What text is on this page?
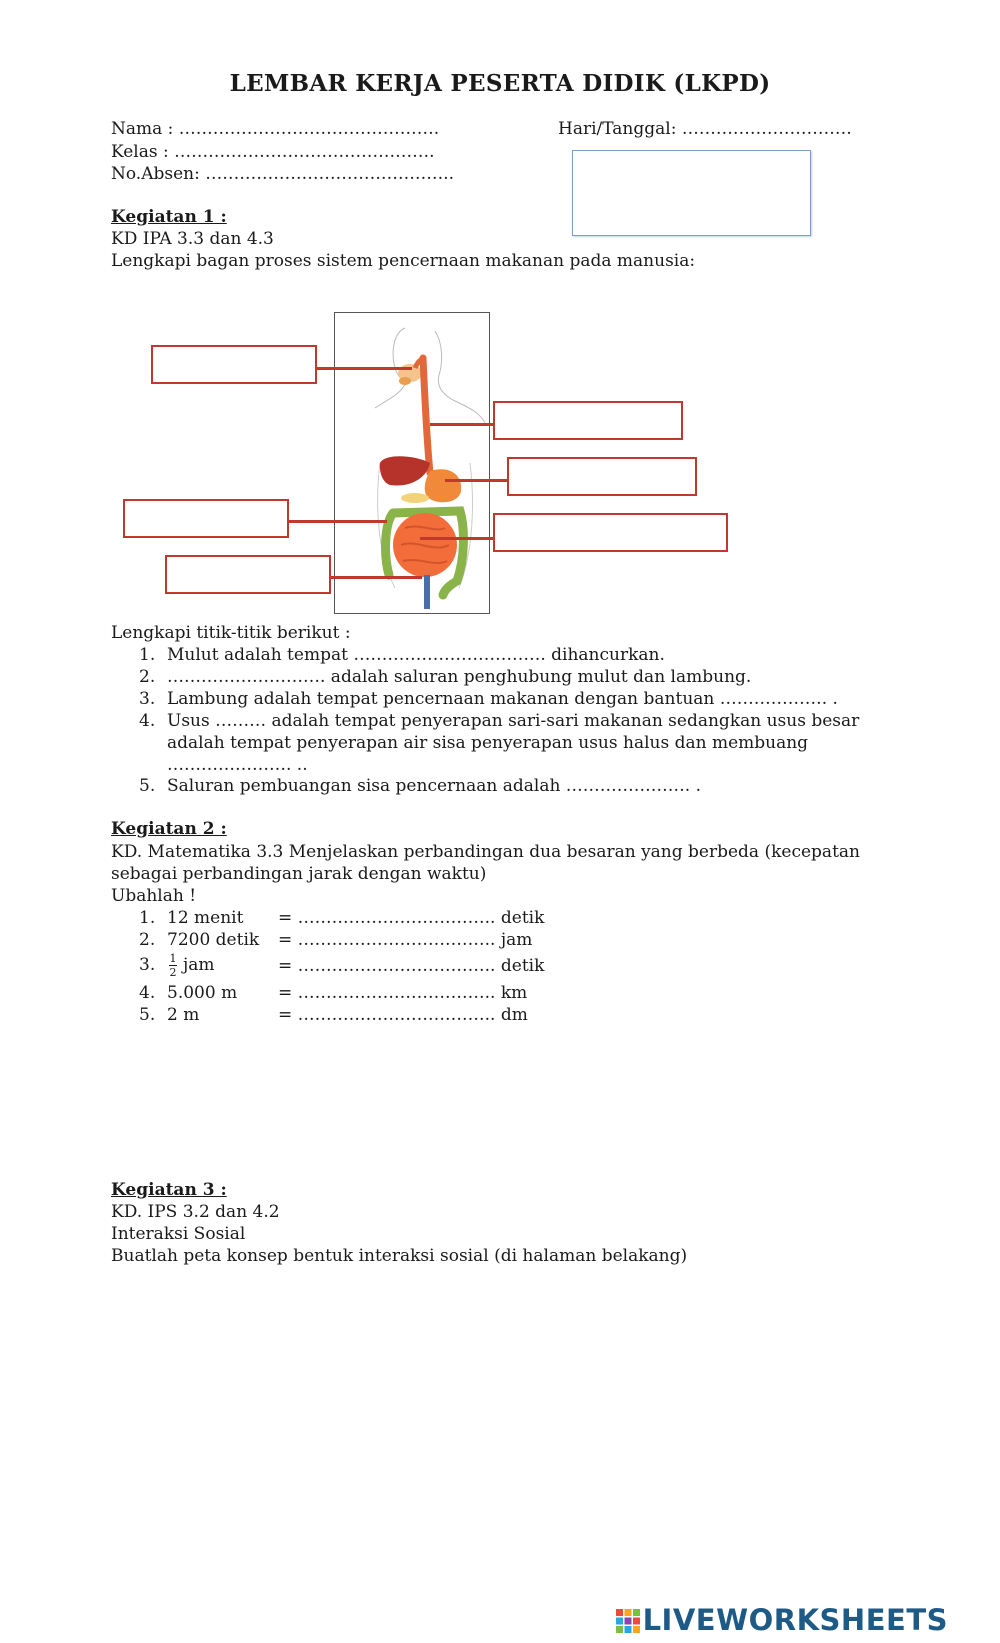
LEMBAR KERJA PESERTA DIDIK (LKPD)
Nama : ……………………………………….
Kelas : ……………………………………….
No.Absen: ……………………………………..
Hari/Tanggal: …………………………
Kegiatan 1 :
KD IPA 3.3 dan 4.3
Lengkapi bagan proses sistem pencernaan makanan pada manusia:
Lengkapi titik-titik berikut :
1. Mulut adalah tempat ……………………………. dihancurkan.
2. ………………………. adalah saluran penghubung mulut dan lambung.
3. Lambung adalah tempat pencernaan makanan dengan bantuan ………………. .
4. Usus ……… adalah tempat penyerapan sari-sari makanan sedangkan usus besar
adalah tempat penyerapan air sisa penyerapan usus halus dan membuang
…………………. ..
5. Saluran pembuangan sisa pencernaan adalah …………………. .
Kegiatan 2 :
KD. Matematika 3.3 Menjelaskan perbandingan dua besaran yang berbeda (kecepatan
sebagai perbandingan jarak dengan waktu)
Ubahlah !
1. 12 menit = …………………………….. detik
2. 7200 detik = …………………………….. jam
3. $\frac{1}{2}$ jam	= …………………………….. detik
4. 5.000 m = …………………………….. km
5. 2 m	= …………………………….. dm
Kegiatan 3 :
KD. IPS 3.2 dan 4.2
Interaksi Sosial
Buatlah peta konsep bentuk interaksi sosial (di halaman belakang)
LIVEWORKSHEETS
